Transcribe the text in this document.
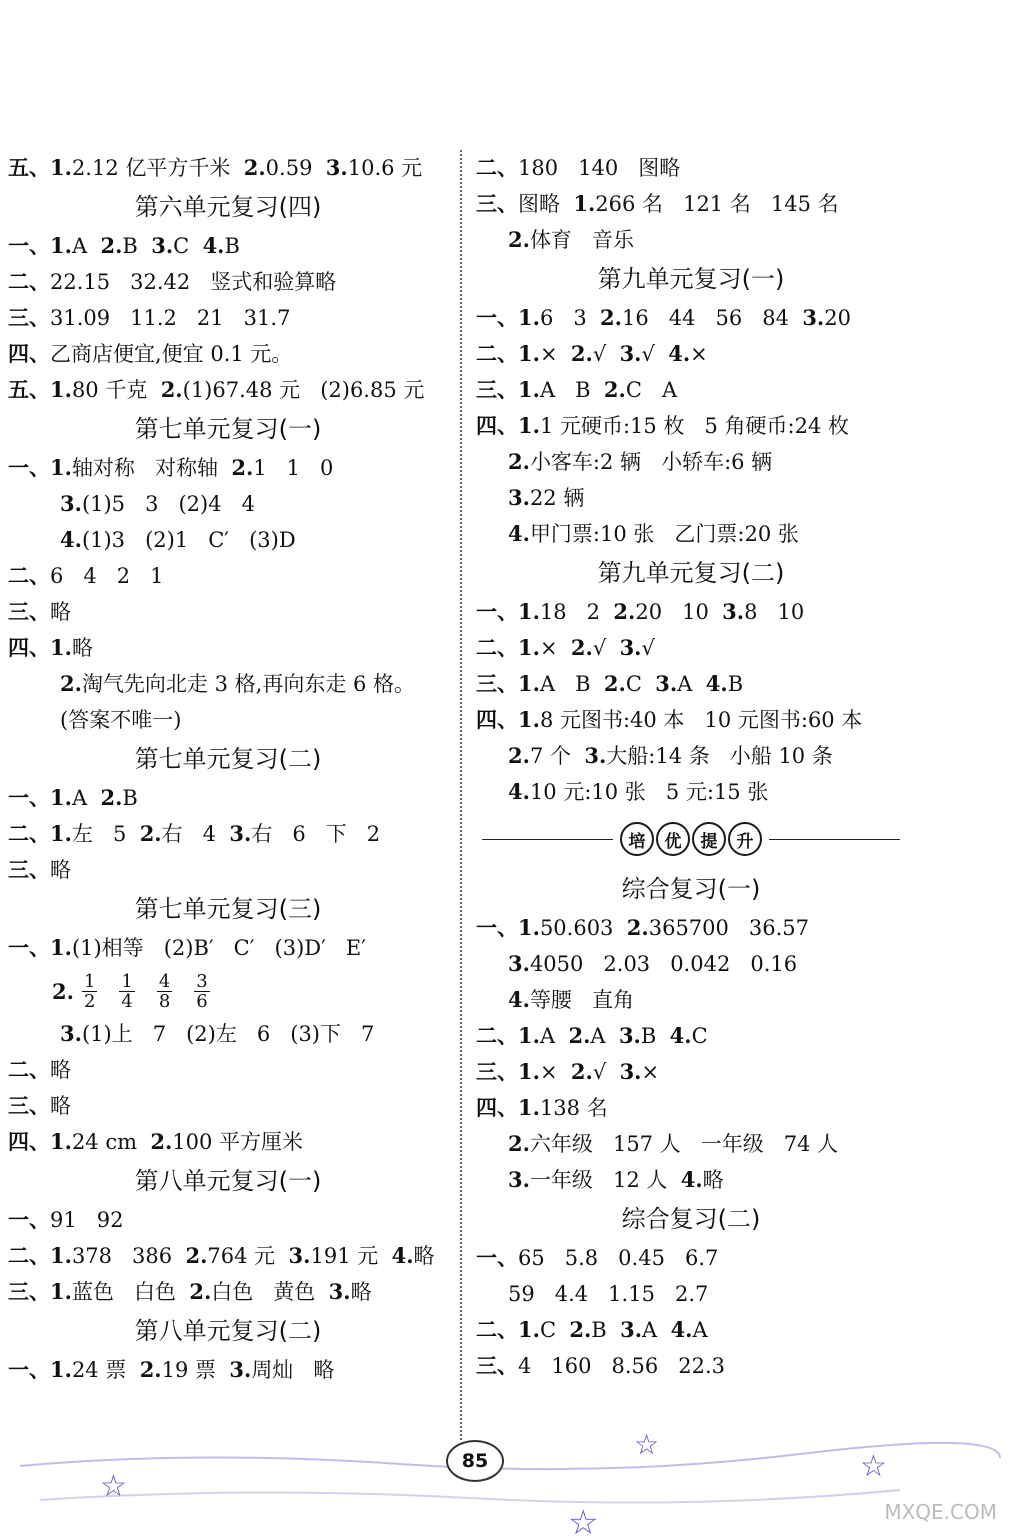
五、1.2.12 亿平方千米  2.0.59  3.10.6 元
第六单元复习(四)
一、1.A  2.B  3.C  4.B
二、22.15   32.42   竖式和验算略
三、31.09   11.2   21   31.7
四、乙商店便宜,便宜 0.1 元。
五、1.80 千克  2.(1)67.48 元   (2)6.85 元
第七单元复习(一)
一、1.轴对称   对称轴  2.1   1   0
3.(1)5   3   (2)4   4
4.(1)3   (2)1   C′   (3)D
二、6   4   2   1
三、略
四、1.略
2.淘气先向北走 3 格,再向东走 6 格。
(答案不唯一)
第七单元复习(二)
一、1.A  2.B
二、1.左   5  2.右   4  3.右   6   下   2
三、略
第七单元复习(三)
一、1.(1)相等   (2)B′   C′   (3)D′   E′
2. $\frac{1}{2} \frac{1}{4} \frac{4}{8} \frac{3}{6}$
3.(1)上   7   (2)左   6   (3)下   7
二、略
三、略
四、1.24 cm  2.100 平方厘米
第八单元复习(一)
一、91   92
二、1.378   386  2.764 元  3.191 元  4.略
三、1.蓝色   白色  2.白色   黄色  3.略
第八单元复习(二)
一、1.24 票  2.19 票  3.周灿   略
二、180   140   图略
三、图略  1.266 名   121 名   145 名
2.体育   音乐
第九单元复习(一)
一、1.6   3  2.16   44   56   84  3.20
二、1.×  2.√  3.√  4.×
三、1.A   B  2.C   A
四、1.1 元硬币:15 枚   5 角硬币:24 枚
2.小客车:2 辆   小轿车:6 辆
3.22 辆
4.甲门票:10 张   乙门票:20 张
第九单元复习(二)
一、1.18   2  2.20   10  3.8   10
二、1.×  2.√  3.√
三、1.A   B  2.C  3.A  4.B
四、1.8 元图书:40 本   10 元图书:60 本
2.7 个  3.大船:14 条   小船 10 条
4.10 元:10 张   5 元:15 张
培	优	提	升
综合复习(一)
一、1.50.603  2.365700   36.57
3.4050   2.03   0.042   0.16
4.等腰   直角
二、1.A  2.A  3.B  4.C
三、1.×  2.√  3.×
四、1.138 名
2.六年级   157 人   一年级   74 人
3.一年级   12 人  4.略
综合复习(二)
一、65   5.8   0.45   6.7
59   4.4   1.15   2.7
二、1.C  2.B  3.A  4.A
三、4   160   8.56   22.3
☆
☆
☆
☆
85
MXQE.COM
